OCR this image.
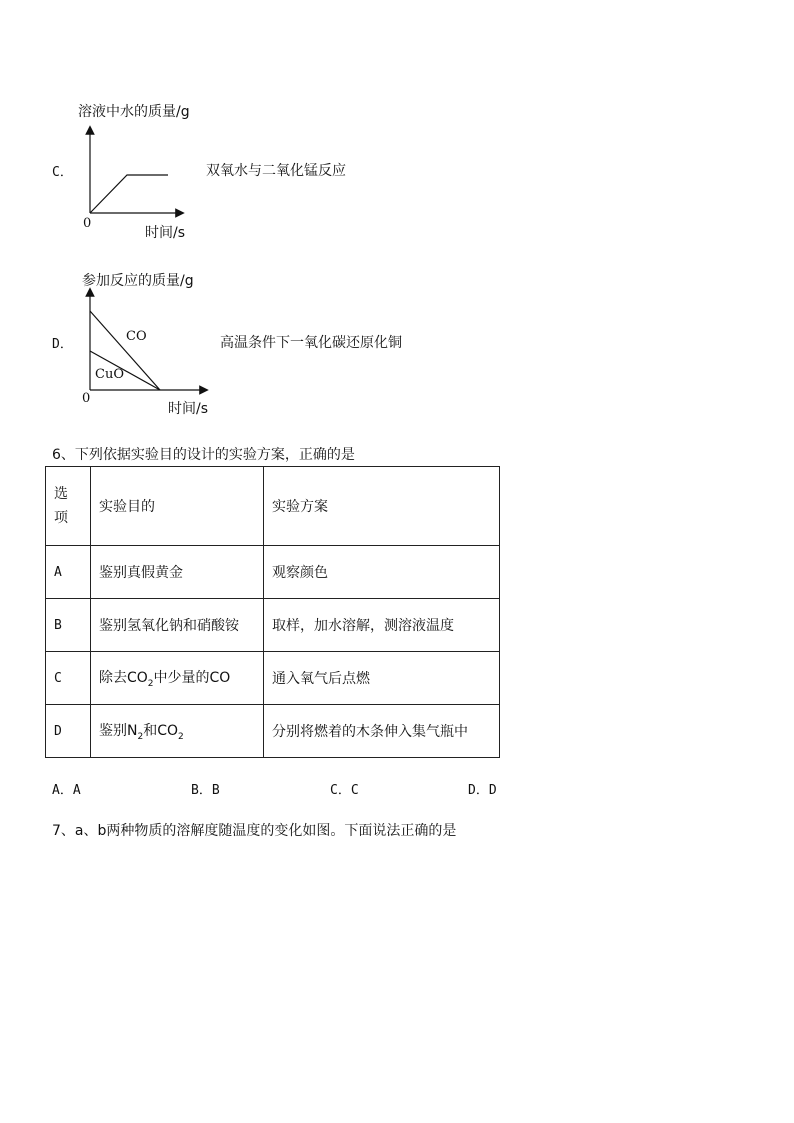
溶液中水的质量/g
C．	双氧水与二氧化锰反应
0
时间/s
参加反应的质量/g
D．
CO
CuO
高温条件下一氧化碳还原化铜
0
时间/s
6、下列依据实验目的设计的实验方案，正确的是
选
项	实验目的	实验方案
A	鉴别真假黄金	观察颜色
B	鉴别氢氧化钠和硝酸铵	取样，加水溶解，测溶液温度
C	除去$CO_2$中少量的CO	通入氧气后点燃
D	鉴别$N_2$和$CO_2$	分别将燃着的木条伸入集气瓶中
A．A	B．B	C．C	D．D
7、a、b两种物质的溶解度随温度的变化如图。下面说法正确的是
